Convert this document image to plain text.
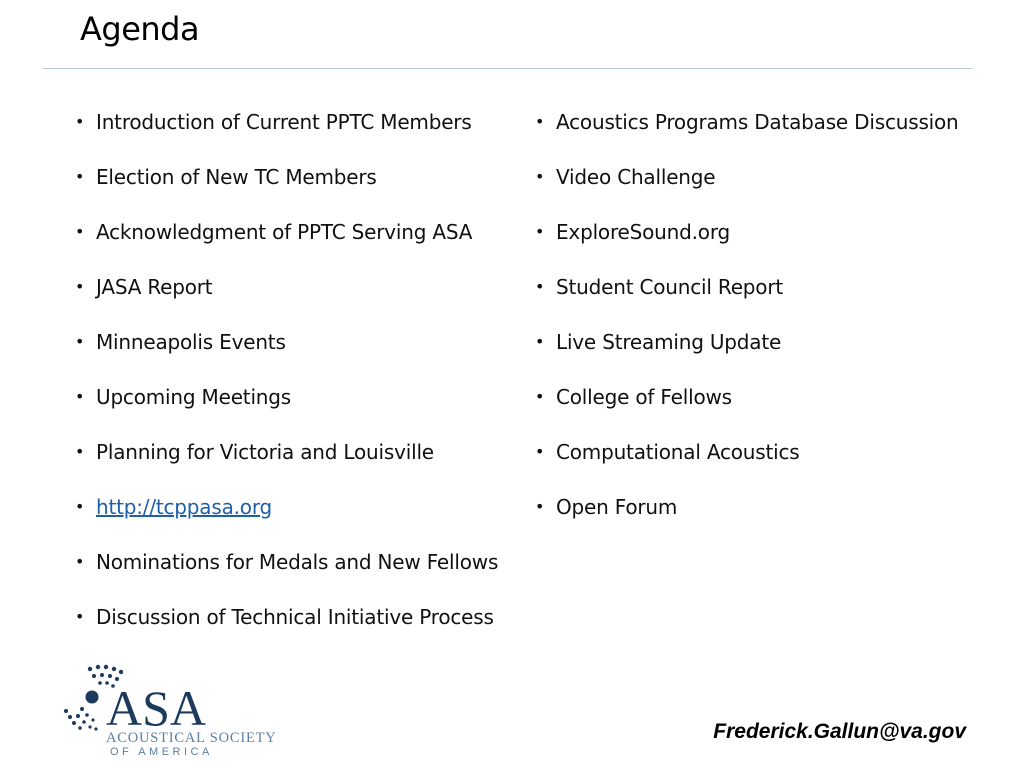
Agenda
• Introduction of Current PPTC Members
• Election of New TC Members
• Acknowledgment of PPTC Serving ASA
• JASA Report
• Minneapolis Events
• Upcoming Meetings
• Planning for Victoria and Louisville
• http://tcppasa.org
• Nominations for Medals and New Fellows
• Discussion of Technical Initiative Process
• Acoustics Programs Database Discussion
• Video Challenge
• ExploreSound.org
• Student Council Report
• Live Streaming Update
• College of Fellows
• Computational Acoustics
• Open Forum
ASA
ACOUSTICAL SOCIETY
OF AMERICA
Frederick.Gallun@va.gov
